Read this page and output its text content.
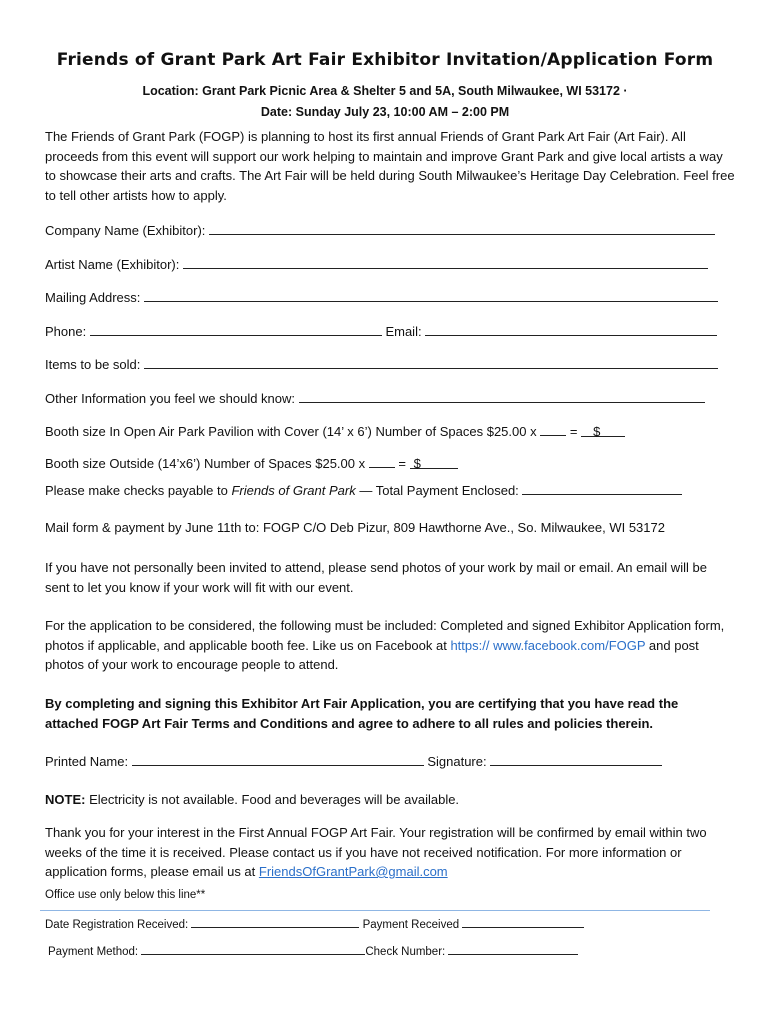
Friends of Grant Park Art Fair Exhibitor Invitation/Application Form
Location: Grant Park Picnic Area & Shelter 5 and 5A, South Milwaukee, WI 53172 ·
Date: Sunday July 23, 10:00 AM – 2:00 PM
The Friends of Grant Park (FOGP) is planning to host its first annual Friends of Grant Park Art Fair (Art Fair). All proceeds from this event will support our work helping to maintain and improve Grant Park and give local artists a way to showcase their arts and crafts. The Art Fair will be held during South Milwaukee’s Heritage Day Celebration. Feel free to tell other artists how to apply.
Company Name (Exhibitor):
Artist Name (Exhibitor):
Mailing Address:
Phone:	Email:
Items to be sold:
Other Information you feel we should know:
Booth size In Open Air Park Pavilion with Cover (14’ x 6’) Number of Spaces $25.00 x	= $
Booth size Outside (14’x6’) Number of Spaces $25.00 x	= $
Please make checks payable to Friends of Grant Park — Total Payment Enclosed:
Mail form & payment by June 11th to: FOGP C/O Deb Pizur, 809 Hawthorne Ave., So. Milwaukee, WI 53172
If you have not personally been invited to attend, please send photos of your work by mail or email. An email will be sent to let you know if your work will fit with our event.
For the application to be considered, the following must be included: Completed and signed Exhibitor Application form, photos if applicable, and applicable booth fee. Like us on Facebook at https:// www.facebook.com/FOGP and post photos of your work to encourage people to attend.
By completing and signing this Exhibitor Art Fair Application, you are certifying that you have read the attached FOGP Art Fair Terms and Conditions and agree to adhere to all rules and policies therein.
Printed Name:	Signature:
NOTE: Electricity is not available. Food and beverages will be available.
Thank you for your interest in the First Annual FOGP Art Fair. Your registration will be confirmed by email within two weeks of the time it is received. Please contact us if you have not received notification. For more information or application forms, please email us at FriendsOfGrantPark@gmail.com
Office use only below this line**
Date Registration Received:	Payment Received
Payment Method:	Check Number:
